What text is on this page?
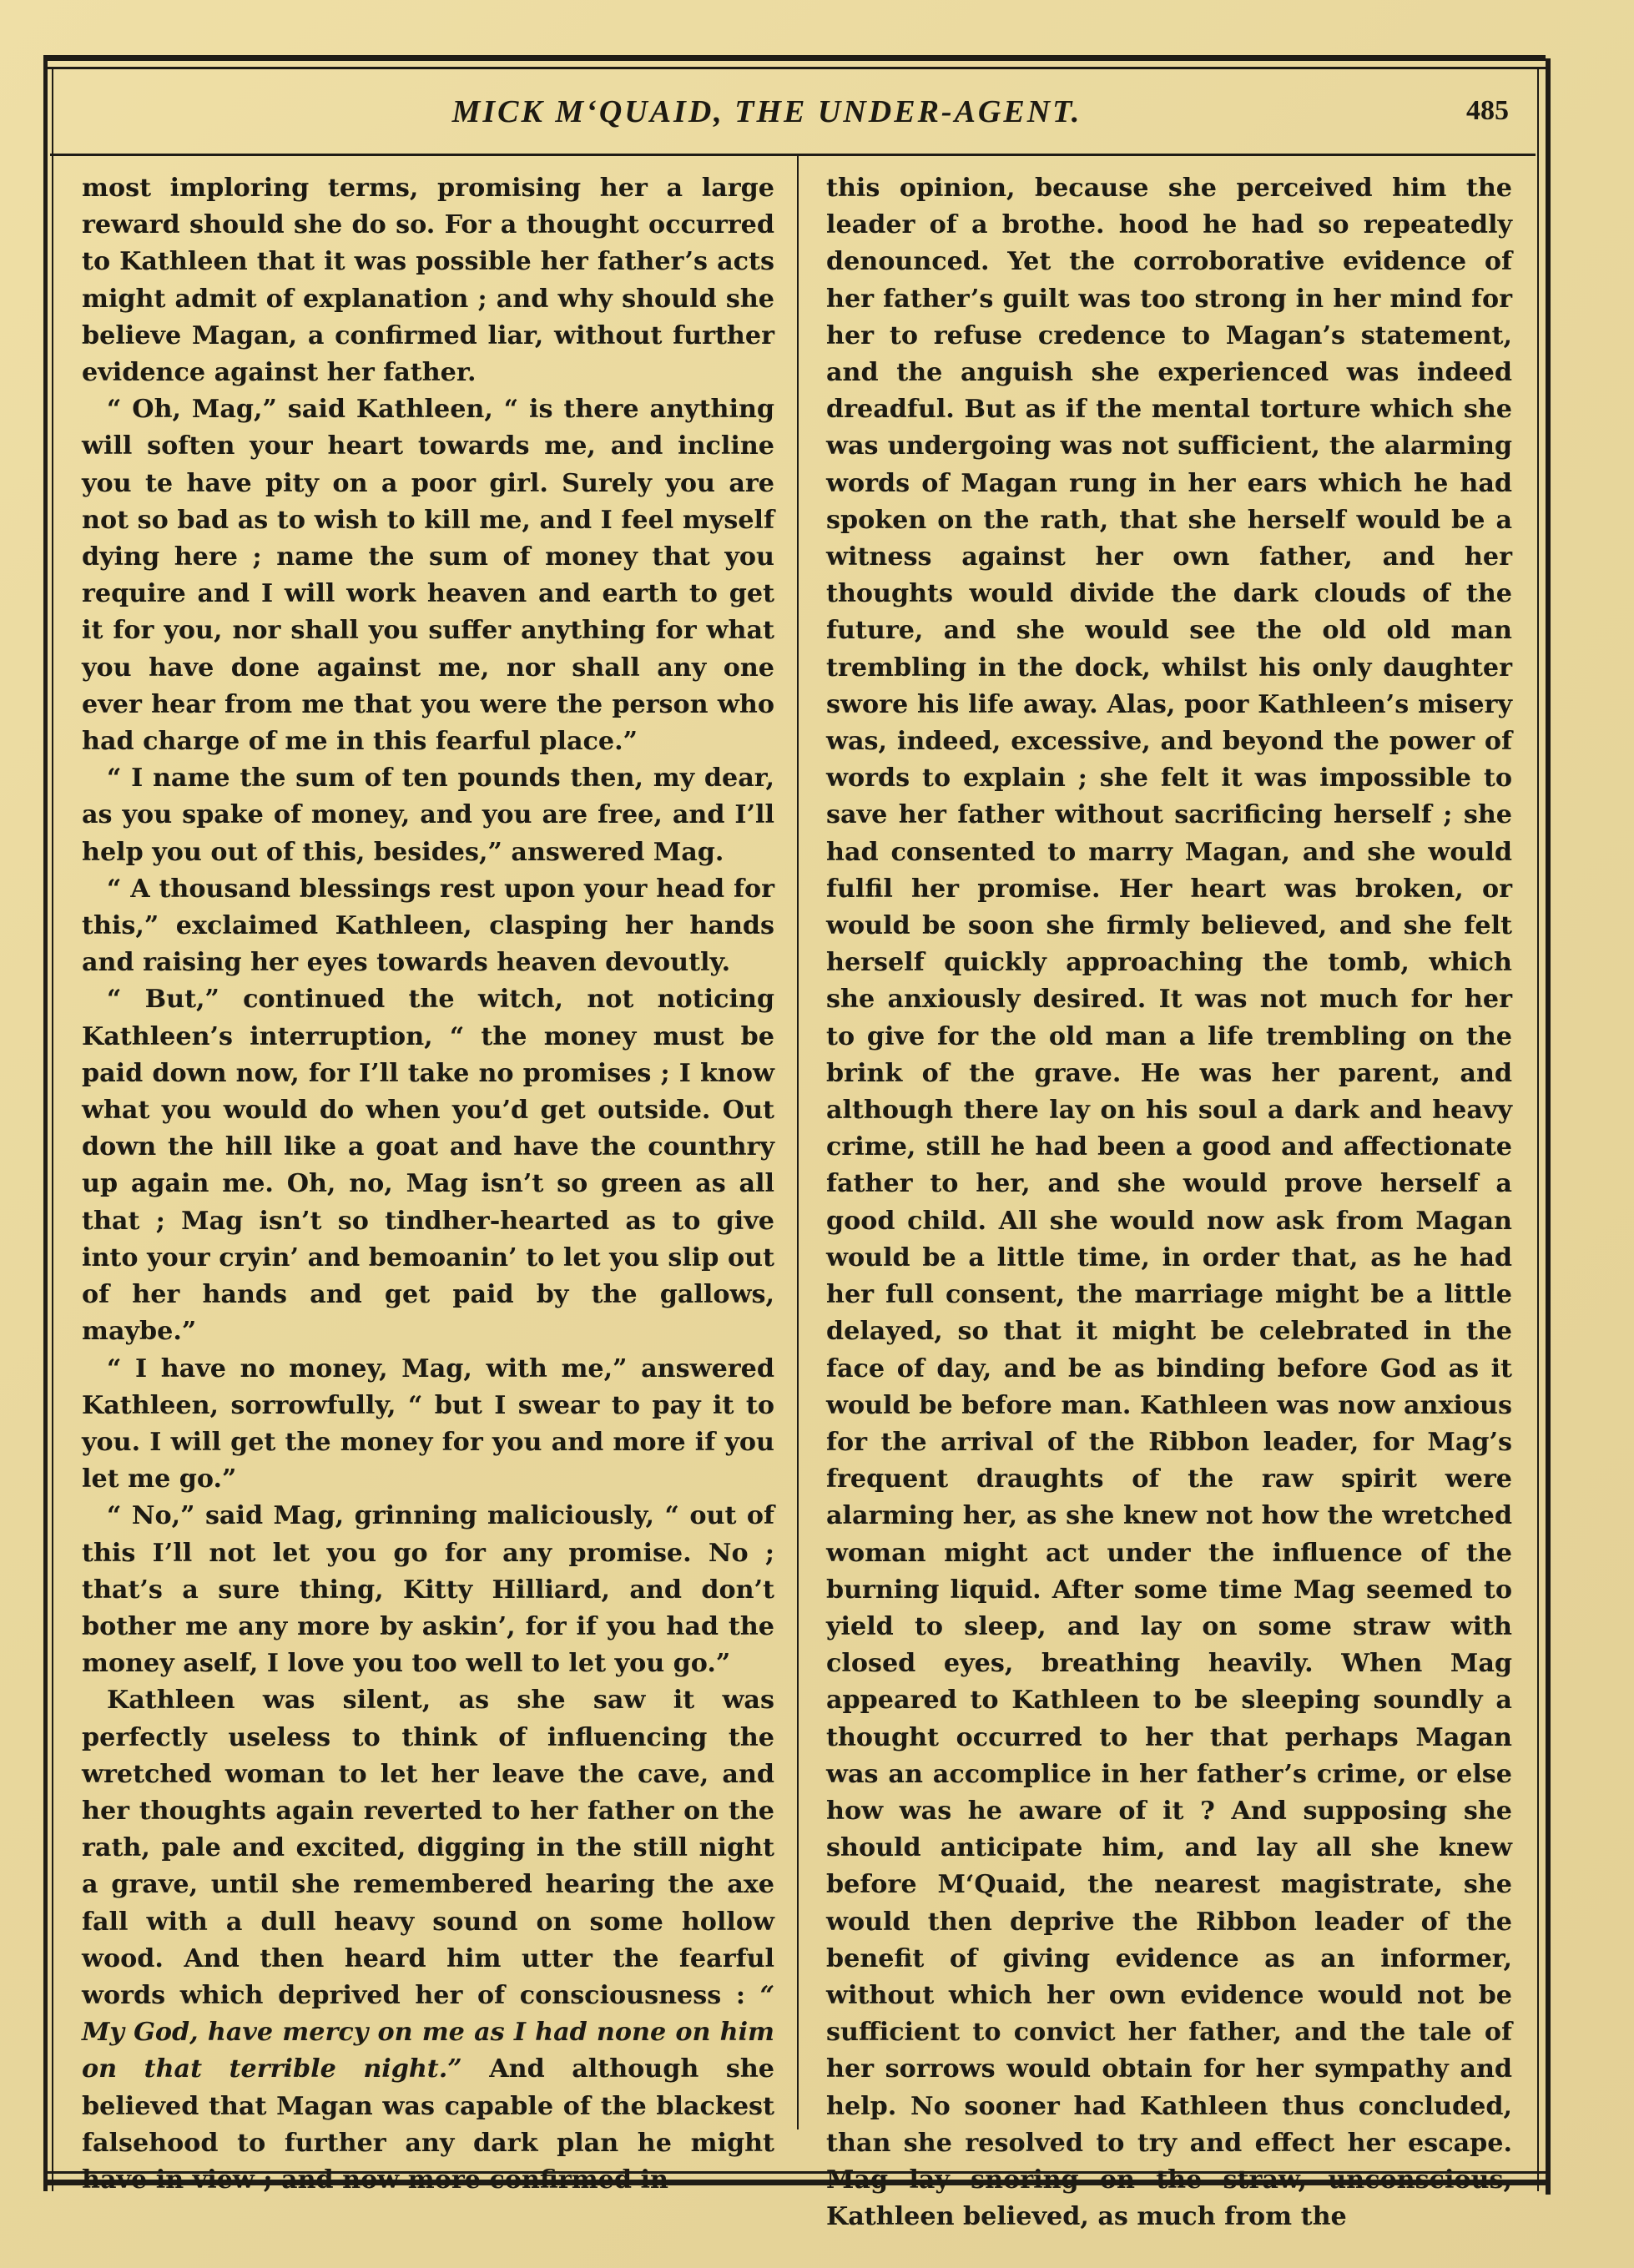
MICK M‘QUAID, THE UNDER-AGENT.	485

most imploring terms, promising her a large reward should she do so. For a thought occurred to Kathleen that it was possible her father’s acts might admit of explanation ; and why should she believe Magan, a confirmed liar, without further evidence against her father.

“ Oh, Mag,” said Kathleen, “ is there anything will soften your heart towards me, and incline you te have pity on a poor girl. Surely you are not so bad as to wish to kill me, and I feel myself dying here ; name the sum of money that you require and I will work heaven and earth to get it for you, nor shall you suffer anything for what you have done against me, nor shall any one ever hear from me that you were the person who had charge of me in this fearful place.”

“ I name the sum of ten pounds then, my dear, as you spake of money, and you are free, and I’ll help you out of this, besides,” answered Mag.

“ A thousand blessings rest upon your head for this,” exclaimed Kathleen, clasping her hands and raising her eyes towards heaven devoutly.

“ But,” continued the witch, not noticing Kathleen’s interruption, “ the money must be paid down now, for I’ll take no promises ; I know what you would do when you’d get outside. Out down the hill like a goat and have the counthry up again me. Oh, no, Mag isn’t so green as all that ; Mag isn’t so tindher-hearted as to give into your cryin’ and bemoanin’ to let you slip out of her hands and get paid by the gallows, maybe.”

“ I have no money, Mag, with me,” answered Kathleen, sorrowfully, “ but I swear to pay it to you. I will get the money for you and more if you let me go.”

“ No,” said Mag, grinning maliciously, “ out of this I’ll not let you go for any promise. No ; that’s a sure thing, Kitty Hilliard, and don’t bother me any more by askin’, for if you had the money aself, I love you too well to let you go.”

Kathleen was silent, as she saw it was perfectly useless to think of influencing the wretched woman to let her leave the cave, and her thoughts again reverted to her father on the rath, pale and excited, digging in the still night a grave, until she remembered hearing the axe fall with a dull heavy sound on some hollow wood. And then heard him utter the fearful words which deprived her of consciousness : “ My God, have mercy on me as I had none on him on that terrible night.” And although she believed that Magan was capable of the blackest falsehood to further any dark plan he might have in view ; and now more confirmed in

this opinion, because she perceived him the leader of a brothe. hood he had so repeatedly denounced. Yet the corroborative evidence of her father’s guilt was too strong in her mind for her to refuse credence to Magan’s statement, and the anguish she experienced was indeed dreadful. But as if the mental torture which she was undergoing was not sufficient, the alarming words of Magan rung in her ears which he had spoken on the rath, that she herself would be a witness against her own father, and her thoughts would divide the dark clouds of the future, and she would see the old old man trembling in the dock, whilst his only daughter swore his life away. Alas, poor Kathleen’s misery was, indeed, excessive, and beyond the power of words to explain ; she felt it was impossible to save her father without sacrificing herself ; she had consented to marry Magan, and she would fulfil her promise. Her heart was broken, or would be soon she firmly believed, and she felt herself quickly approaching the tomb, which she anxiously desired. It was not much for her to give for the old man a life trembling on the brink of the grave. He was her parent, and although there lay on his soul a dark and heavy crime, still he had been a good and affectionate father to her, and she would prove herself a good child. All she would now ask from Magan would be a little time, in order that, as he had her full consent, the marriage might be a little delayed, so that it might be celebrated in the face of day, and be as binding before God as it would be before man. Kathleen was now anxious for the arrival of the Ribbon leader, for Mag’s frequent draughts of the raw spirit were alarming her, as she knew not how the wretched woman might act under the influence of the burning liquid. After some time Mag seemed to yield to sleep, and lay on some straw with closed eyes, breathing heavily. When Mag appeared to Kathleen to be sleeping soundly a thought occurred to her that perhaps Magan was an accomplice in her father’s crime, or else how was he aware of it ? And supposing she should anticipate him, and lay all she knew before M‘Quaid, the nearest magistrate, she would then deprive the Ribbon leader of the benefit of giving evidence as an informer, without which her own evidence would not be sufficient to convict her father, and the tale of her sorrows would obtain for her sympathy and help. No sooner had Kathleen thus concluded, than she resolved to try and effect her escape. Mag lay snoring on the straw, unconscious, Kathleen believed, as much from the
